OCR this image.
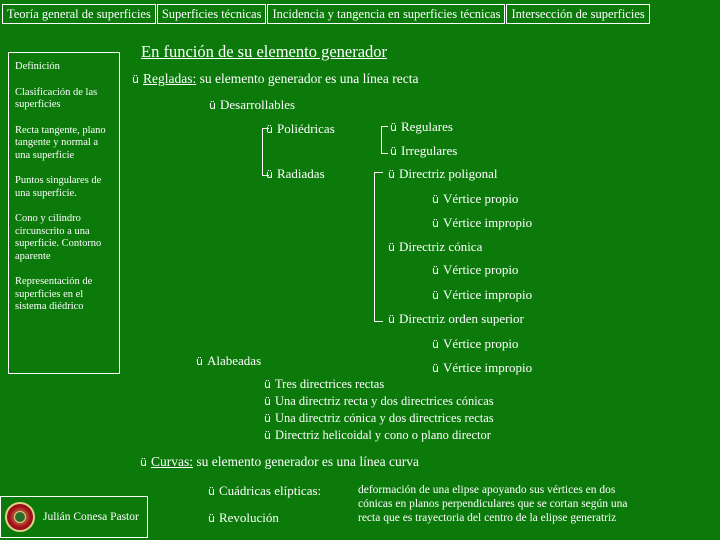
Teoría general de superficies Superficies técnicas Incidencia y tangencia en superficies técnicas Intersección de superficies
Definición
Clasificación de las superficies
Recta tangente, plano tangente y normal a una superficie
Puntos singulares de una superficie.
Cono y cilindro circunscrito a una superficie. Contorno aparente
Representación de superficies en el sistema diédrico
En función de su elemento generador
ü Regladas: su elemento generador es una línea recta
ü Desarrollables
ü Poliédricas	ü Regulares
ü Irregulares
ü Radiadas	ü Directriz poligonal
ü Vértice propio
ü Vértice impropio
ü Directriz cónica
ü Vértice propio
ü Vértice impropio
ü Directriz orden superior
ü Vértice propio
ü Vértice impropio
ü Alabeadas
ü Tres directrices rectas
ü Una directriz recta y dos directrices cónicas
ü Una directriz cónica y dos directrices rectas
ü Directriz helicoidal y cono o plano director
ü Curvas: su elemento generador es una línea curva
ü Cuádricas elípticas:
ü Revolución
deformación de una elipse apoyando sus vértices en dos cónicas en planos perpendiculares que se cortan según una recta que es trayectoria del centro de la elipse generatriz
Julián Conesa Pastor
